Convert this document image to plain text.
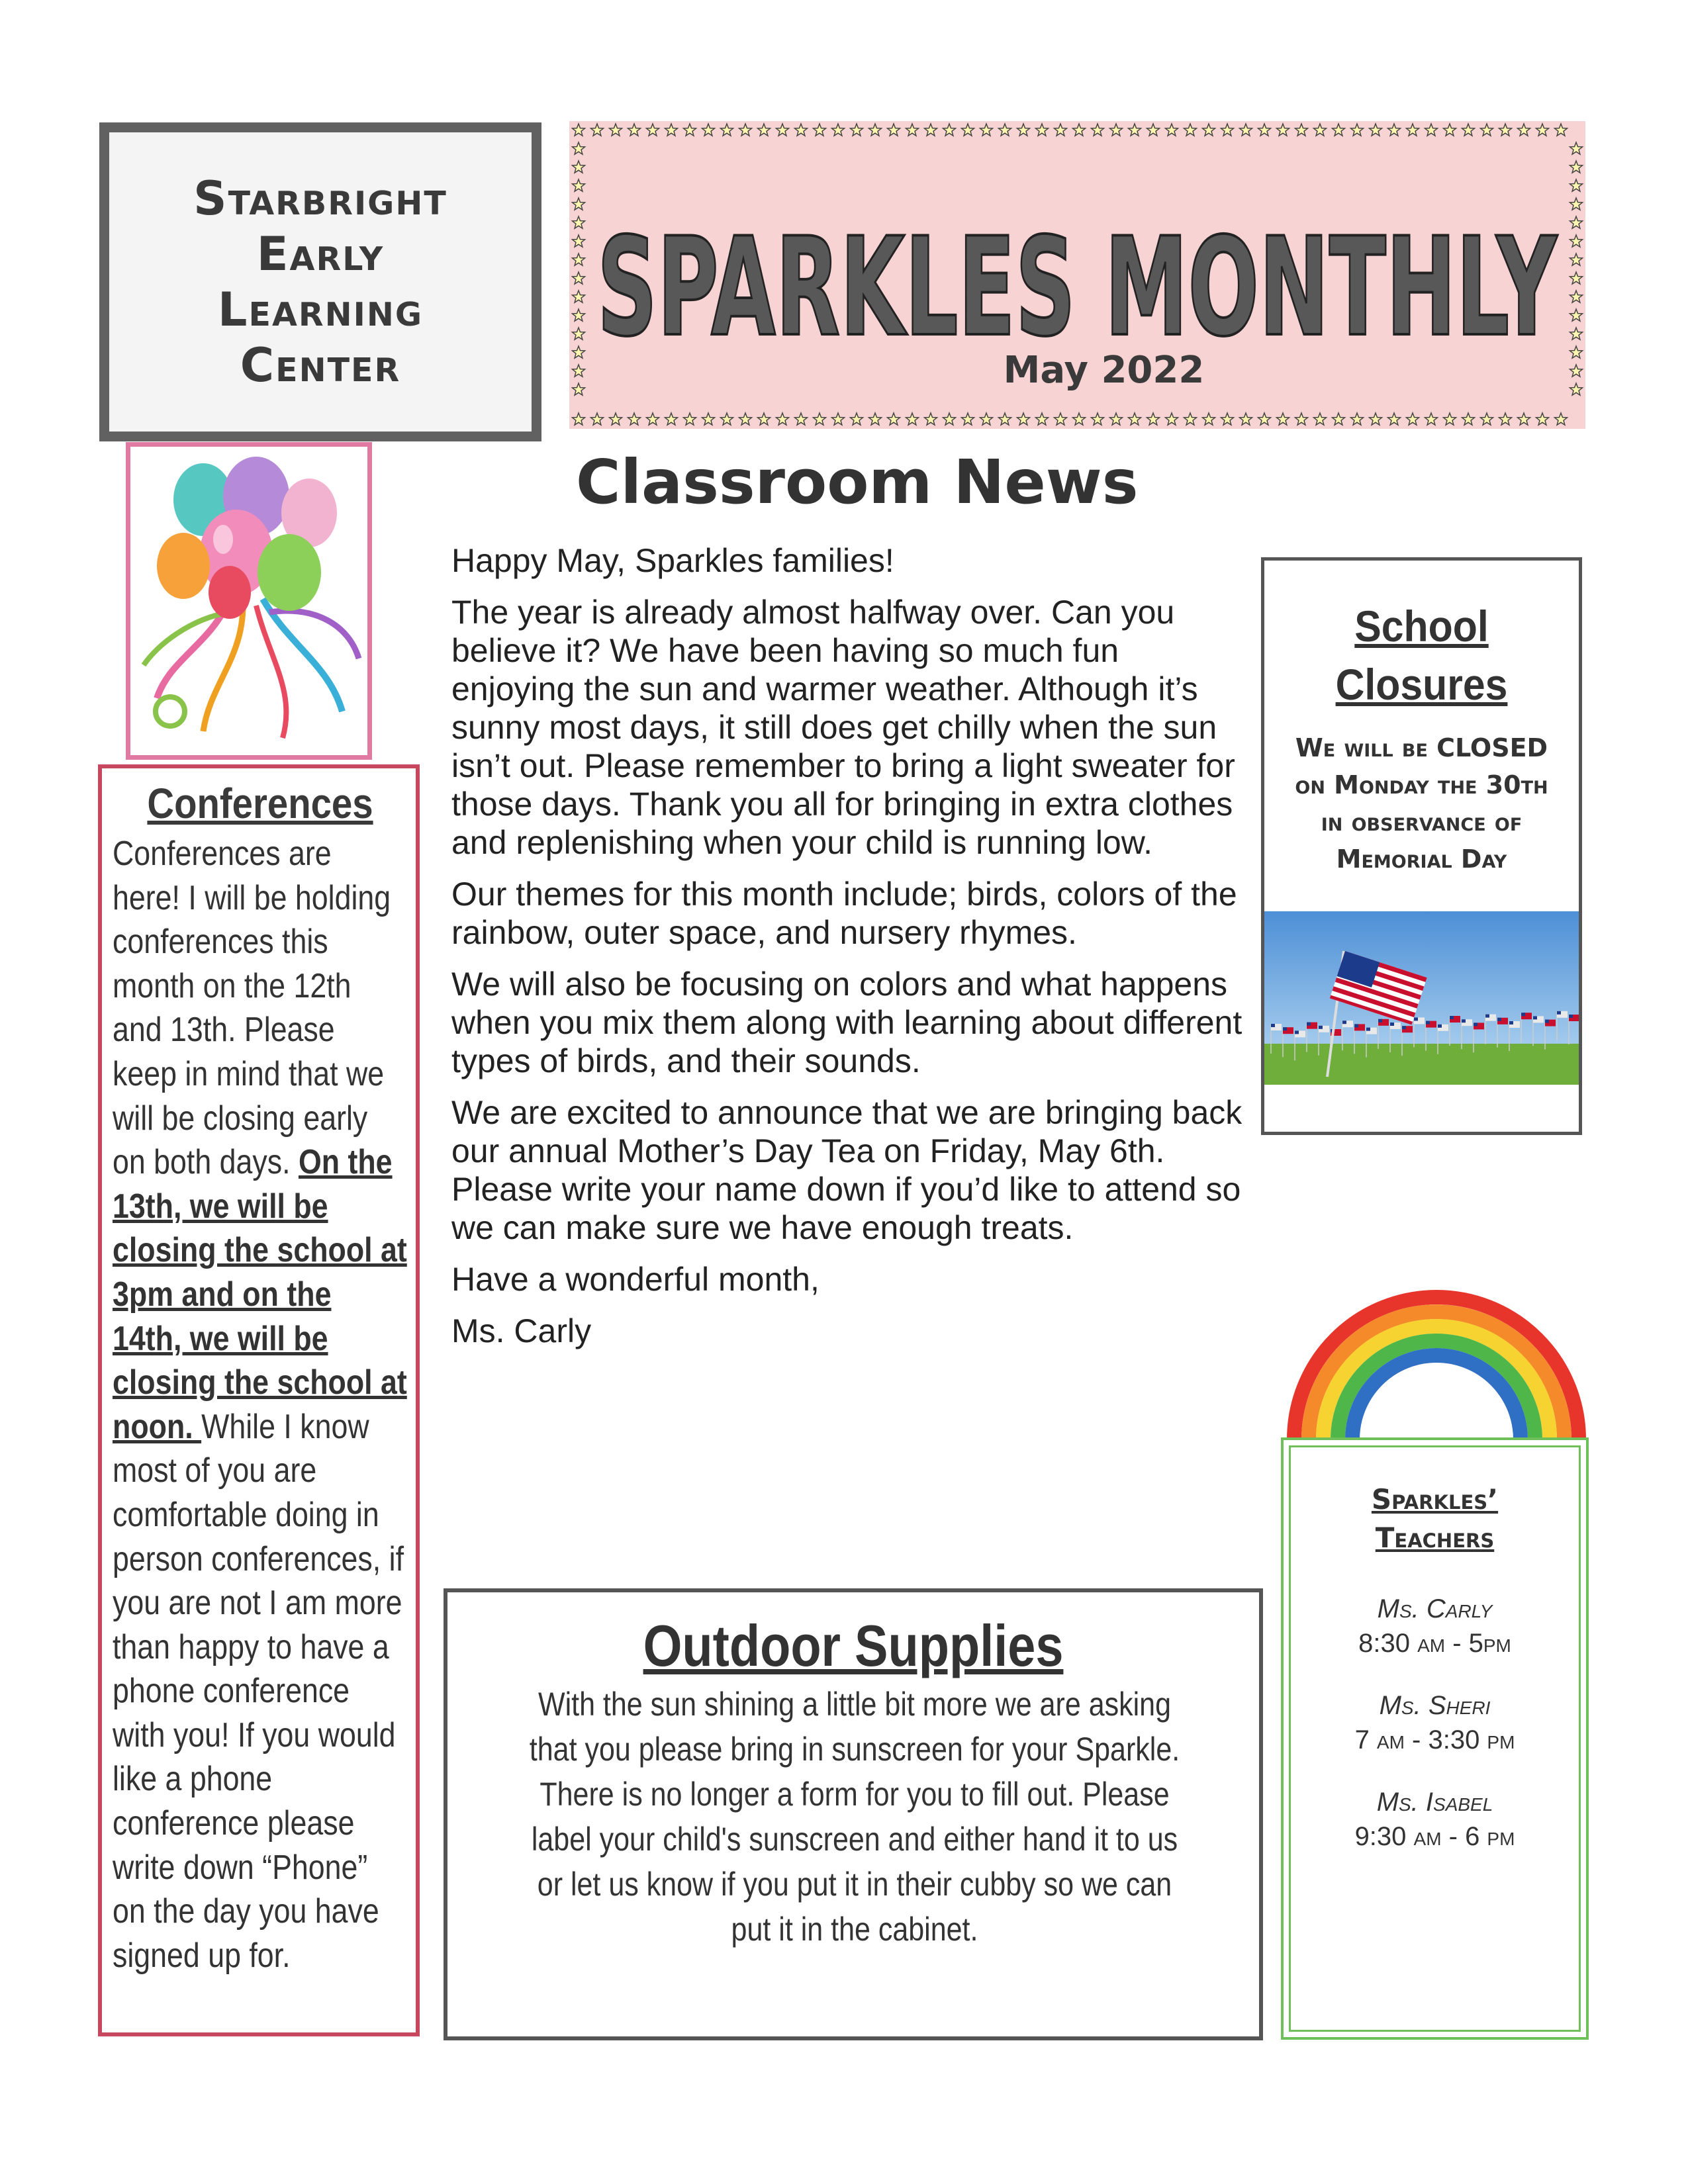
Starbright
Early
Learning
Center	SPARKLES MONTHLY
May 2022
Conferences
Conferences are here! I will be holding conferences this month on the 12th and 13th. Please keep in mind that we will be closing early on both days. On the 13th, we will be closing the school at 3pm and on the 14th, we will be closing the school at noon. While I know most of you are comfortable doing in person conferences, if you are not I am more than happy to have a phone conference with you! If you would like a phone conference please write down “Phone” on the day you have signed up for.
Classroom News

Happy May, Sparkles families!

The year is already almost halfway over. Can you believe it? We have been having so much fun enjoying the sun and warmer weather. Although it’s sunny most days, it still does get chilly when the sun isn’t out. Please remember to bring a light sweater for those days. Thank you all for bringing in extra clothes and replenishing when your child is running low.

Our themes for this month include; birds, colors of the rainbow, outer space, and nursery rhymes.

We will also be focusing on colors and what happens when you mix them along with learning about different types of birds, and their sounds.

We are excited to announce that we are bringing back our annual Mother’s Day Tea on Friday, May 6th. Please write your name down if you’d like to attend so we can make sure we have enough treats.

Have a wonderful month,

Ms. Carly

School
Closures
We will be CLOSED
on Monday the 30th
in observance of
Memorial Day
Outdoor Supplies

With the sun shining a little bit more we are asking that you please bring in sunscreen for your Sparkle. There is no longer a form for you to fill out. Please label your child's sunscreen and either hand it to us or let us know if you put it in their cubby so we can put it in the cabinet.

Sparkles’
Teachers
Ms. Carly
8:30 am - 5pm
Ms. Sheri
7 am - 3:30 pm
Ms. Isabel
9:30 am - 6 pm
